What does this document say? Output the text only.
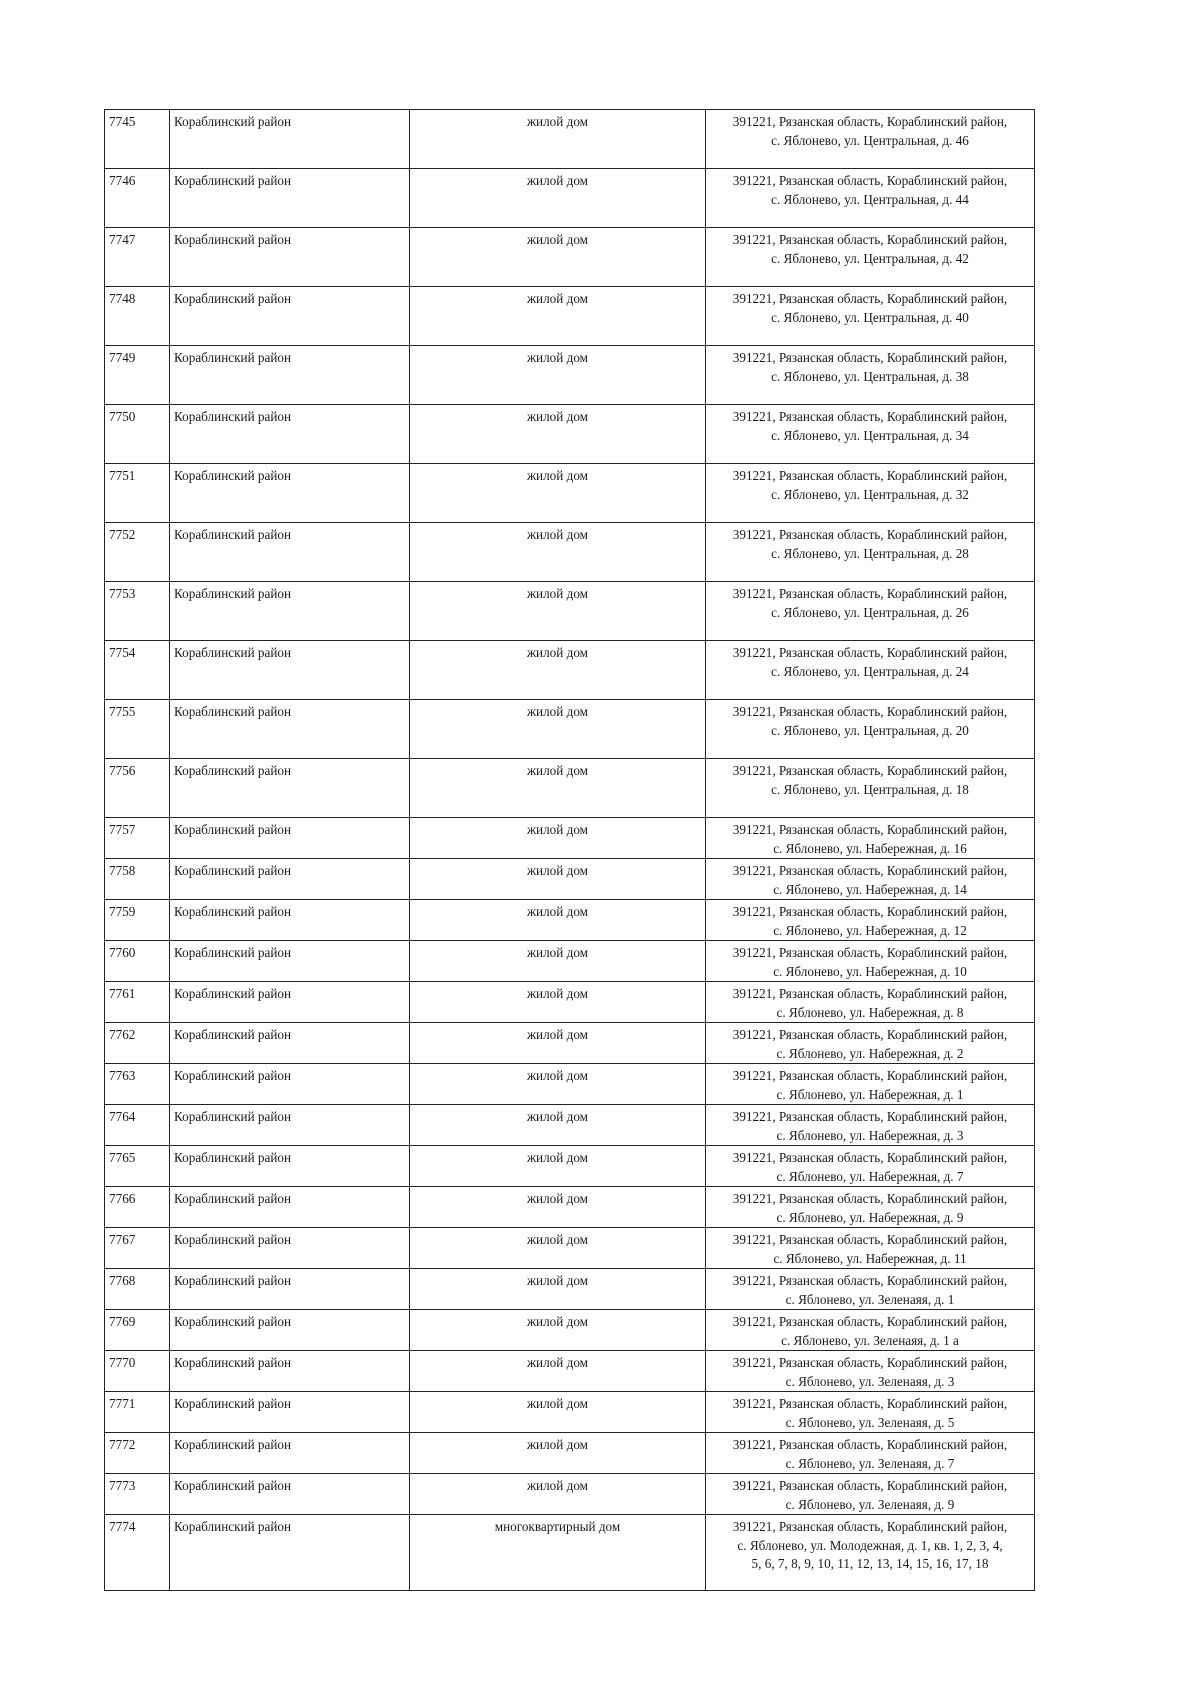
7745	Кораблинский район	жилой дом	391221, Рязанская область, Кораблинский район,
с. Яблонево, ул. Центральная, д. 46

7746	Кораблинский район	жилой дом	391221, Рязанская область, Кораблинский район,
с. Яблонево, ул. Центральная, д. 44

7747	Кораблинский район	жилой дом	391221, Рязанская область, Кораблинский район,
с. Яблонево, ул. Центральная, д. 42

7748	Кораблинский район	жилой дом	391221, Рязанская область, Кораблинский район,
с. Яблонево, ул. Центральная, д. 40

7749	Кораблинский район	жилой дом	391221, Рязанская область, Кораблинский район,
с. Яблонево, ул. Центральная, д. 38

7750	Кораблинский район	жилой дом	391221, Рязанская область, Кораблинский район,
с. Яблонево, ул. Центральная, д. 34

7751	Кораблинский район	жилой дом	391221, Рязанская область, Кораблинский район,
с. Яблонево, ул. Центральная, д. 32

7752	Кораблинский район	жилой дом	391221, Рязанская область, Кораблинский район,
с. Яблонево, ул. Центральная, д. 28

7753	Кораблинский район	жилой дом	391221, Рязанская область, Кораблинский район,
с. Яблонево, ул. Центральная, д. 26

7754	Кораблинский район	жилой дом	391221, Рязанская область, Кораблинский район,
с. Яблонево, ул. Центральная, д. 24

7755	Кораблинский район	жилой дом	391221, Рязанская область, Кораблинский район,
с. Яблонево, ул. Центральная, д. 20

7756	Кораблинский район	жилой дом	391221, Рязанская область, Кораблинский район,
с. Яблонево, ул. Центральная, д. 18

7757	Кораблинский район	жилой дом	391221, Рязанская область, Кораблинский район,
с. Яблонево, ул. Набережная, д. 16

7758	Кораблинский район	жилой дом	391221, Рязанская область, Кораблинский район,
с. Яблонево, ул. Набережная, д. 14

7759	Кораблинский район	жилой дом	391221, Рязанская область, Кораблинский район,
с. Яблонево, ул. Набережная, д. 12

7760	Кораблинский район	жилой дом	391221, Рязанская область, Кораблинский район,
с. Яблонево, ул. Набережная, д. 10

7761	Кораблинский район	жилой дом	391221, Рязанская область, Кораблинский район,
с. Яблонево, ул. Набережная, д. 8

7762	Кораблинский район	жилой дом	391221, Рязанская область, Кораблинский район,
с. Яблонево, ул. Набережная, д. 2

7763	Кораблинский район	жилой дом	391221, Рязанская область, Кораблинский район,
с. Яблонево, ул. Набережная, д. 1

7764	Кораблинский район	жилой дом	391221, Рязанская область, Кораблинский район,
с. Яблонево, ул. Набережная, д. 3

7765	Кораблинский район	жилой дом	391221, Рязанская область, Кораблинский район,
с. Яблонево, ул. Набережная, д. 7

7766	Кораблинский район	жилой дом	391221, Рязанская область, Кораблинский район,
с. Яблонево, ул. Набережная, д. 9

7767	Кораблинский район	жилой дом	391221, Рязанская область, Кораблинский район,
с. Яблонево, ул. Набережная, д. 11

7768	Кораблинский район	жилой дом	391221, Рязанская область, Кораблинский район,
с. Яблонево, ул. Зеленаяя, д. 1

7769	Кораблинский район	жилой дом	391221, Рязанская область, Кораблинский район,
с. Яблонево, ул. Зеленаяя, д. 1 а

7770	Кораблинский район	жилой дом	391221, Рязанская область, Кораблинский район,
с. Яблонево, ул. Зеленаяя, д. 3

7771	Кораблинский район	жилой дом	391221, Рязанская область, Кораблинский район,
с. Яблонево, ул. Зеленаяя, д. 5

7772	Кораблинский район	жилой дом	391221, Рязанская область, Кораблинский район,
с. Яблонево, ул. Зеленаяя, д. 7

7773	Кораблинский район	жилой дом	391221, Рязанская область, Кораблинский район,
с. Яблонево, ул. Зеленаяя, д. 9

7774	Кораблинский район	многоквартирный дом	391221, Рязанская область, Кораблинский район,
с. Яблонево, ул. Молодежная, д. 1, кв. 1, 2, 3, 4,
5, 6, 7, 8, 9, 10, 11, 12, 13, 14, 15, 16, 17, 18
